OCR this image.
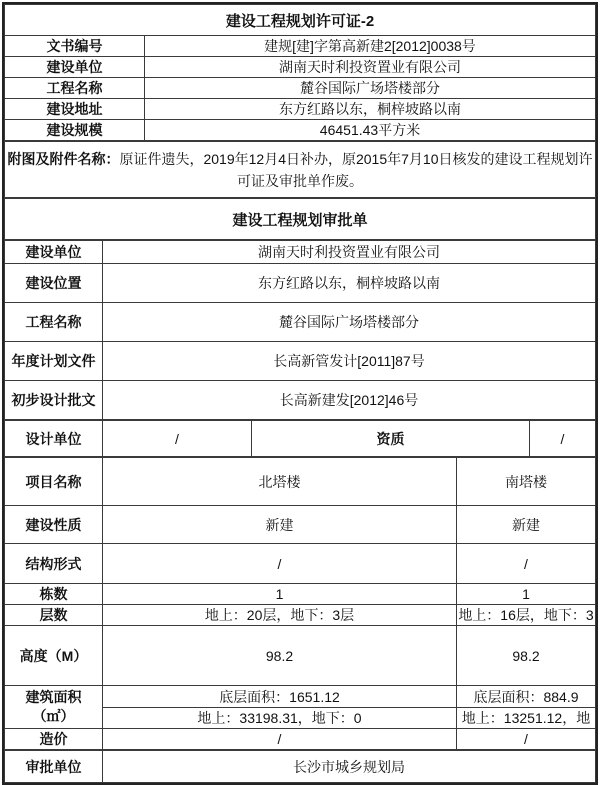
建设工程规划许可证-2	
文书编号	建规[建]字第高新建2[2012]0038号
建设单位	湖南天时利投资置业有限公司
工程名称	麓谷国际广场塔楼部分
建设地址	东方红路以东，桐梓坡路以南
建设规模	46451.43平方米
附图及附件名称：原证件遗失，2019年12月4日补办，原2015年7月10日核发的建设工程规划许可证及审批单作废。
建设工程规划审批单
建设单位	湖南天时利投资置业有限公司
建设位置	东方红路以东，桐梓坡路以南
工程名称	麓谷国际广场塔楼部分
年度计划文件	长高新管发计[2011]87号
初步设计批文	长高新建发[2012]46号
设计单位	/	资质	/
项目名称	北塔楼	南塔楼
建设性质	新建	新建
结构形式	/	/
栋数	1	1
层数	地上：20层，地下：3层	地上：16层，地下：3
高度（M）	98.2	98.2

建筑面积
（㎡）	底层面积：1651.12	底层面积：884.9
	地上：33198.31，地下：0	地上：13251.12，地
造价	/	/
审批单位	长沙市城乡规划局
